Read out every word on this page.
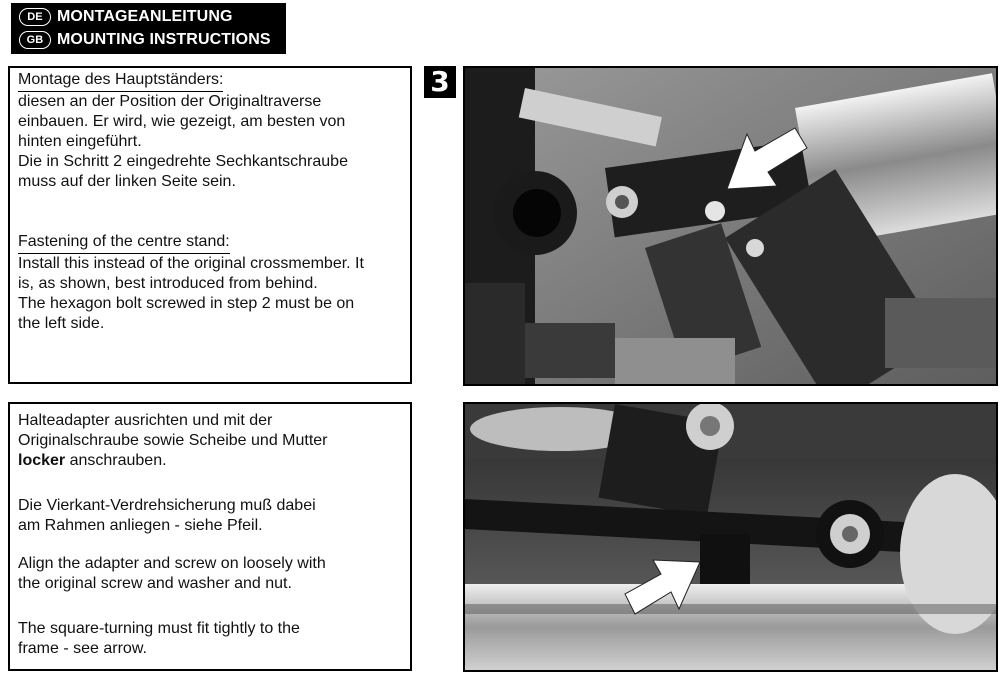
DE MONTAGEANLEITUNG
GB MOUNTING INSTRUCTIONS
Montage des Hauptständers:
diesen an der Position der Originaltraverse
einbauen. Er wird, wie gezeigt, am besten von
hinten eingeführt.
Die in Schritt 2 eingedrehte Sechkantschraube
muss auf der linken Seite sein.
Fastening of the centre stand:
Install this instead of the original crossmember. It
is, as shown, best introduced from behind.
The hexagon bolt screwed in step 2 must be on
the left side.
Halteadapter ausrichten und mit der
Originalschraube sowie Scheibe und Mutter
locker anschrauben.
Die Vierkant-Verdrehsicherung muß dabei
am Rahmen anliegen - siehe Pfeil.
Align the adapter and screw on loosely with
the original screw and washer and nut.
The square-turning must fit tightly to the
frame - see arrow.
3
